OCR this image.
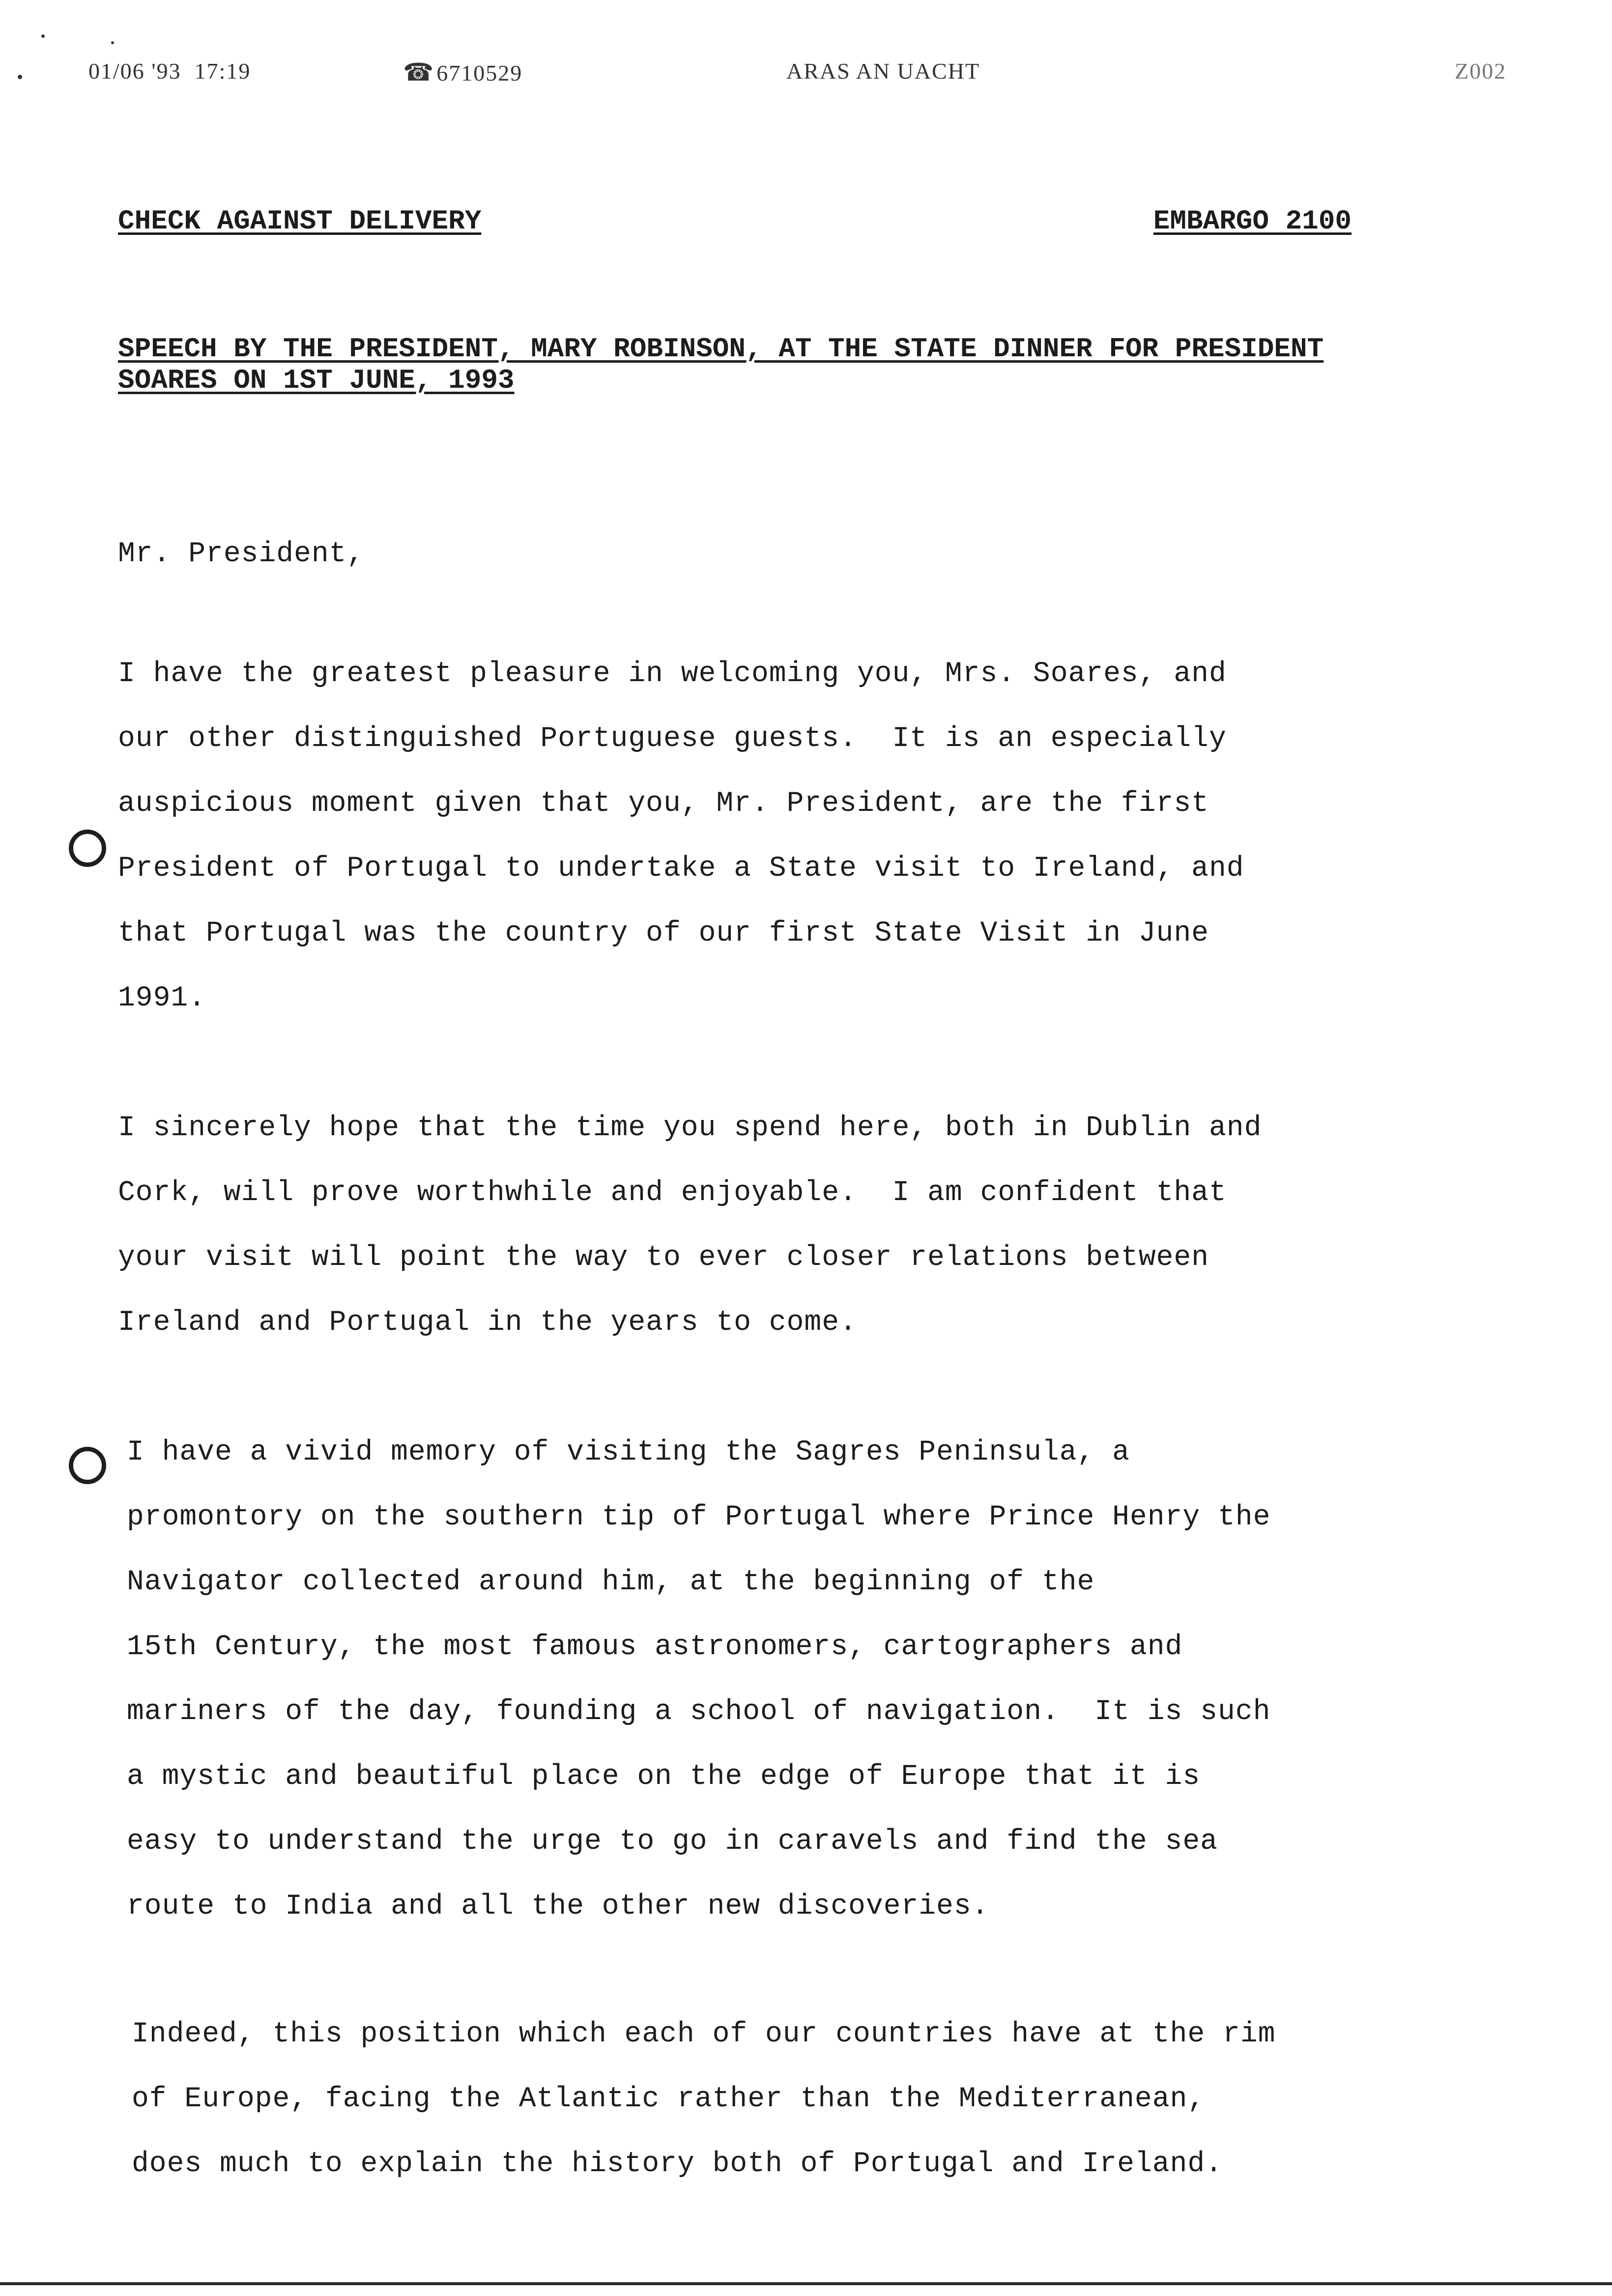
01/06 '93 17:19	☎6710529	ARAS AN UACHT	Z002
CHECK AGAINST DELIVERY	EMBARGO 2100
SPEECH BY THE PRESIDENT, MARY ROBINSON, AT THE STATE DINNER FOR PRESIDENT SOARES ON 1ST JUNE, 1993
Mr. President,
I have the greatest pleasure in welcoming you, Mrs. Soares, and
our other distinguished Portuguese guests.  It is an especially
auspicious moment given that you, Mr. President, are the first
President of Portugal to undertake a State visit to Ireland, and
that Portugal was the country of our first State Visit in June
1991.
I sincerely hope that the time you spend here, both in Dublin and
Cork, will prove worthwhile and enjoyable.  I am confident that
your visit will point the way to ever closer relations between
Ireland and Portugal in the years to come.
I have a vivid memory of visiting the Sagres Peninsula, a
promontory on the southern tip of Portugal where Prince Henry the
Navigator collected around him, at the beginning of the
15th Century, the most famous astronomers, cartographers and
mariners of the day, founding a school of navigation.  It is such
a mystic and beautiful place on the edge of Europe that it is
easy to understand the urge to go in caravels and find the sea
route to India and all the other new discoveries.
Indeed, this position which each of our countries have at the rim
of Europe, facing the Atlantic rather than the Mediterranean,
does much to explain the history both of Portugal and Ireland.
